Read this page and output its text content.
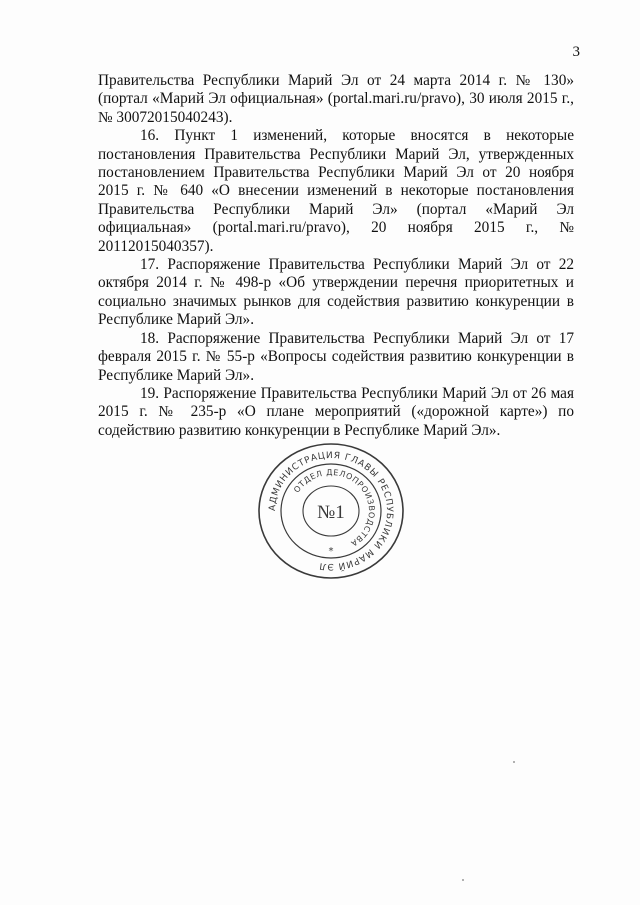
3

Правительства Республики Марий Эл от 24 марта 2014 г. № 130» (портал «Марий Эл официальная» (portal.mari.ru/pravo), 30 июля 2015 г., № 30072015040243).

16. Пункт 1 изменений, которые вносятся в некоторые постановления Правительства Республики Марий Эл, утвержденных постановлением Правительства Республики Марий Эл от 20 ноября 2015 г. № 640 «О внесении изменений в некоторые постановления Правительства Республики Марий Эл» (портал «Марий Эл официальная» (portal.mari.ru/pravo), 20 ноября 2015 г., № 20112015040357).

17. Распоряжение Правительства Республики Марий Эл от 22 октября 2014 г. № 498-р «Об утверждении перечня приоритетных и социально значимых рынков для содействия развитию конкуренции в Республике Марий Эл».

18. Распоряжение Правительства Республики Марий Эл от 17 февраля 2015 г. № 55-р «Вопросы содействия развитию конкуренции в Республике Марий Эл».

19. Распоряжение Правительства Республики Марий Эл от 26 мая 2015 г. № 235-р «О плане мероприятий («дорожной карте») по содействию развитию конкуренции в Республике Марий Эл».

АДМИНИСТРАЦИЯ ГЛАВЫ РЕСПУБЛИКИ МАРИЙ ЭЛ
ОТДЕЛ ДЕЛОПРОИЗВОДСТВА
№1
*
